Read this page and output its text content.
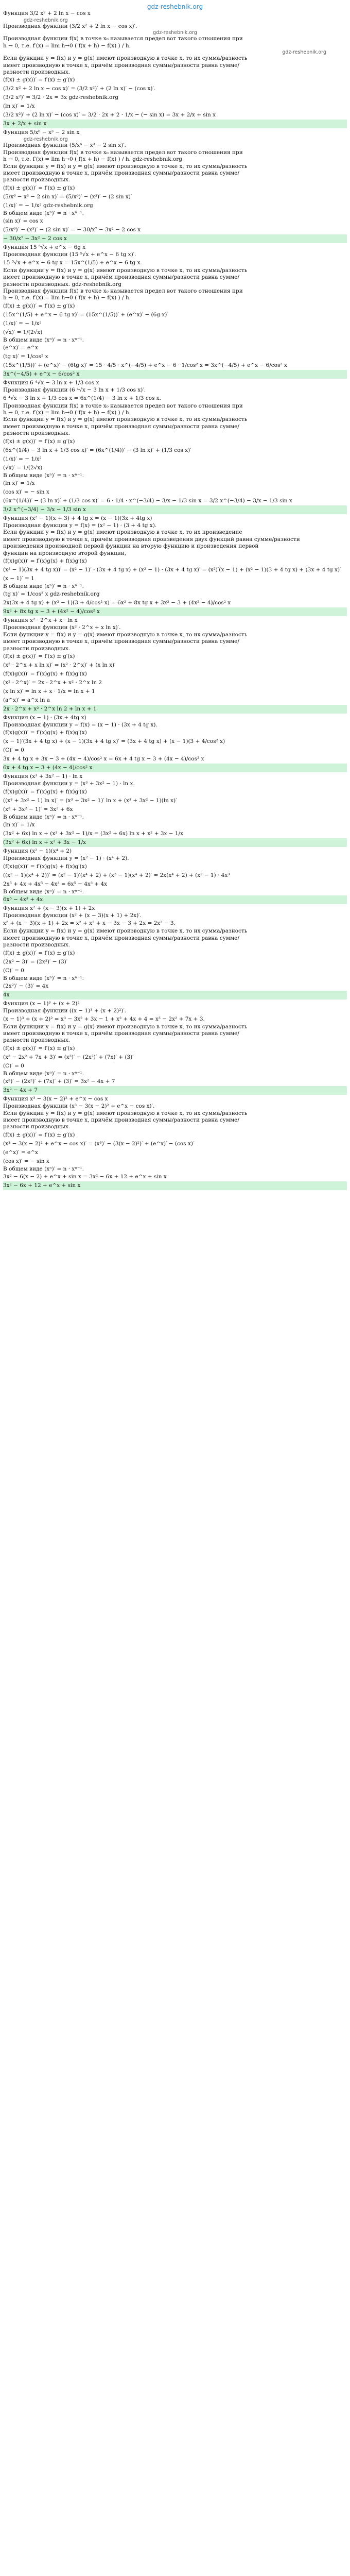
gdz-reshebnik.org
Функция 3/2 x² + 2 ln x − cos x
gdz-reshebnik.org
Производная функции (3/2 x² + 2 ln x − cos x)′.
gdz-reshebnik.org
Производная функции f(x) в точке x₀ называется предел вот такого отношения при
h → 0, т.е. f′(x) = lim h→0 ( f(x + h) − f(x) ) / h.
gdz-reshebnik.org
Если функции y = f(x) и y = g(x) имеют производную в точке x, то их сумма/разность
имеет производную в точке x, причём производная суммы/разности равна сумме/
разности производных.
(f(x) ± g(x))′ = f′(x) ± g′(x)
(3/2 x² + 2 ln x − cos x)′ = (3/2 x²)′ + (2 ln x)′ − (cos x)′.
(3/2 x²)′ = 3/2 · 2x = 3x gdz-reshebnik.org
(ln x)′ = 1/x
(3/2 x²)′ + (2 ln x)′ − (cos x)′ = 3/2 · 2x + 2 · 1/x − (− sin x) = 3x + 2/x + sin x
3x + 2/x + sin x
Функция 5/x⁶ − x³ − 2 sin x
gdz-reshebnik.org
Производная функции (5/x⁶ − x³ − 2 sin x)′.
Производная функции f(x) в точке x₀ называется предел вот такого отношения при
h → 0, т.е. f′(x) = lim h→0 ( f(x + h) − f(x) ) / h. gdz-reshebnik.org
Если функции y = f(x) и y = g(x) имеют производную в точке x, то их сумма/разность
имеет производную в точке x, причём производная суммы/разности равна сумме/
разности производных.
(f(x) ± g(x))′ = f′(x) ± g′(x)
(5/x⁶ − x³ − 2 sin x)′ = (5/x⁶)′ − (x³)′ − (2 sin x)′
(1/x)′ = − 1/x² gdz-reshebnik.org
В общем виде (xⁿ)′ = n · xⁿ⁻¹.
(sin x)′ = cos x
(5/x⁶)′ − (x³)′ − (2 sin x)′ = − 30/x⁷ − 3x² − 2 cos x
− 30/x⁷ − 3x² − 2 cos x
Функция 15 ⁵√x + e^x − 6g x
Производная функции (15 ⁵√x + e^x − 6 tg x)′.
15 ⁵√x + e^x − 6 tg x = 15x^(1/5) + e^x − 6 tg x.
Если функции y = f(x) и y = g(x) имеют производную в точке x, то их сумма/разность
имеет производную в точке x, причём производная суммы/разности равна сумме/
разности производных. gdz-reshebnik.org
Производная функции f(x) в точке x₀ называется предел вот такого отношения при
h → 0, т.е. f′(x) = lim h→0 ( f(x + h) − f(x) ) / h.
(f(x) ± g(x))′ = f′(x) ± g′(x)
(15x^(1/5) + e^x − 6 tg x)′ = (15x^(1/5))′ + (e^x)′ − (6g x)′
(1/x)′ = − 1/x²
(√x)′ = 1/(2√x)
В общем виде (xⁿ)′ = n · xⁿ⁻¹.
(e^x)′ = e^x
(tg x)′ = 1/cos² x
(15x^(1/5))′ + (e^x)′ − (6tg x)′ = 15 · 4/5 · x^(−4/5) + e^x − 6 · 1/cos² x = 3x^(−4/5) + e^x − 6/cos² x
3x^(−4/5) + e^x − 6/cos² x
Функция 6 ⁴√x − 3 ln x + 1/3 cos x
Производная функции (6 ⁴√x − 3 ln x + 1/3 cos x)′.
6 ⁴√x − 3 ln x + 1/3 cos x = 6x^(1/4) − 3 ln x + 1/3 cos x.
Производная функции f(x) в точке x₀ называется предел вот такого отношения при
h → 0, т.е. f′(x) = lim h→0 ( f(x + h) − f(x) ) / h.
Если функции y = f(x) и y = g(x) имеют производную в точке x, то их сумма/разность
имеет производную в точке x, причём производная суммы/разности равна сумме/
разности производных.
(f(x) ± g(x))′ = f′(x) ± g′(x)
(6x^(1/4) − 3 ln x + 1/3 cos x)′ = (6x^(1/4))′ − (3 ln x)′ + (1/3 cos x)′
(1/x)′ = − 1/x²
(√x)′ = 1/(2√x)
В общем виде (xⁿ)′ = n · xⁿ⁻¹.
(ln x)′ = 1/x
(cos x)′ = − sin x
(6x^(1/4))′ − (3 ln x)′ + (1/3 cos x)′ = 6 · 1/4 · x^(−3/4) − 3/x − 1/3 sin x = 3/2 x^(−3/4) − 3/x − 1/3 sin x
3/2 x^(−3/4) − 3/x − 1/3 sin x
Функция (x² − 1)(x + 3) + 4 tg x = (x − 1)(3x + 4tg x)
Производная функции y = f(x) = (x² − 1) · (3 + 4 tg x).
Если функции y = f(x) и y = g(x) имеют производную в точке x, то их произведение
имеет производную в точке x, причём производная произведения двух функций равна сумме/разности
произведения производной первой функции на вторую функцию и произведения первой
функции на производную второй функции,
(f(x)g(x))′ = f′(x)g(x) + f(x)g′(x)
(x² − 1)(3x + 4 tg x))′ = (x² − 1)′ · (3x + 4 tg x) + (x² − 1) · (3x + 4 tg x)′ = (x²)′(x − 1) + (x² − 1)(3 + 4 tg x) + (3x + 4 tg x)′
(x − 1)′ = 1
В общем виде (xⁿ)′ = n · xⁿ⁻¹.
(tg x)′ = 1/cos² x gdz-reshebnik.org
2x(3x + 4 tg x) + (x² − 1)(3 + 4/cos² x) = 6x² + 8x tg x + 3x² − 3 + (4x² − 4)/cos² x
9x² + 8x tg x − 3 + (4x² − 4)/cos² x
Функция x² · 2^x + x · ln x
Производная функции (x² · 2^x + x ln x)′.
Если функции y = f(x) и y = g(x) имеют производную в точке x, то их сумма/разность
имеет производную в точке x, причём производная суммы/разности равна сумме/
разности производных.
(f(x) ± g(x))′ = f′(x) ± g′(x)
(x² · 2^x + x ln x)′ = (x² · 2^x)′ + (x ln x)′
(f(x)g(x))′ = f′(x)g(x) + f(x)g′(x)
(x² · 2^x)′ = 2x · 2^x + x² · 2^x ln 2
(x ln x)′ = ln x + x · 1/x = ln x + 1
(a^x)′ = a^x ln a
2x · 2^x + x² · 2^x ln 2 + ln x + 1
Функция (x − 1) · (3x + 4tg x)
Производная функции y = f(x) = (x − 1) · (3x + 4 tg x).
(f(x)g(x))′ = f′(x)g(x) + f(x)g′(x)
(x − 1)′(3x + 4 tg x) + (x − 1)(3x + 4 tg x)′ = (3x + 4 tg x) + (x − 1)(3 + 4/cos² x)
(C)′ = 0
3x + 4 tg x + 3x − 3 + (4x − 4)/cos² x = 6x + 4 tg x − 3 + (4x − 4)/cos² x
6x + 4 tg x − 3 + (4x − 4)/cos² x
Функция (x³ + 3x² − 1) · ln x
Производная функции y = (x³ + 3x² − 1) · ln x.
(f(x)g(x))′ = f′(x)g(x) + f(x)g′(x)
((x³ + 3x² − 1) ln x)′ = (x³ + 3x² − 1)′ ln x + (x³ + 3x² − 1)(ln x)′
(x³ + 3x² − 1)′ = 3x² + 6x
В общем виде (xⁿ)′ = n · xⁿ⁻¹.
(ln x)′ = 1/x
(3x² + 6x) ln x + (x³ + 3x² − 1)/x = (3x² + 6x) ln x + x² + 3x − 1/x
(3x² + 6x) ln x + x² + 3x − 1/x
Функция (x² − 1)(x⁴ + 2)
Производная функции y = (x² − 1) · (x⁴ + 2).
(f(x)g(x))′ = f′(x)g(x) + f(x)g′(x)
((x² − 1)(x⁴ + 2))′ = (x² − 1)′(x⁴ + 2) + (x² − 1)(x⁴ + 2)′ = 2x(x⁴ + 2) + (x² − 1) · 4x³
2x⁵ + 4x + 4x⁵ − 4x³ = 6x⁵ − 4x³ + 4x
В общем виде (xⁿ)′ = n · xⁿ⁻¹.
6x⁵ − 4x³ + 4x
Функция x² + (x − 3)(x + 1) + 2x
Производная функции (x² + (x − 3)(x + 1) + 2x)′.
x² + (x − 3)(x + 1) + 2x = x² + x² + x − 3x − 3 + 2x = 2x² − 3.
Если функции y = f(x) и y = g(x) имеют производную в точке x, то их сумма/разность
имеет производную в точке x, причём производная суммы/разности равна сумме/
разности производных.
(f(x) ± g(x))′ = f′(x) ± g′(x)
(2x² − 3)′ = (2x²)′ − (3)′
(C)′ = 0
В общем виде (xⁿ)′ = n · xⁿ⁻¹.
(2x²)′ − (3)′ = 4x
4x
Функция (x − 1)³ + (x + 2)²
Производная функции ((x − 1)³ + (x + 2)²)′.
(x − 1)³ + (x + 2)² = x³ − 3x² + 3x − 1 + x² + 4x + 4 = x³ − 2x² + 7x + 3.
Если функции y = f(x) и y = g(x) имеют производную в точке x, то их сумма/разность
имеет производную в точке x, причём производная суммы/разности равна сумме/
разности производных.
(f(x) ± g(x))′ = f′(x) ± g′(x)
(x³ − 2x² + 7x + 3)′ = (x³)′ − (2x²)′ + (7x)′ + (3)′
(C)′ = 0
В общем виде (xⁿ)′ = n · xⁿ⁻¹.
(x³)′ − (2x²)′ + (7x)′ + (3)′ = 3x² − 4x + 7
3x² − 4x + 7
Функция x³ − 3(x − 2)² + e^x − cos x
Производная функции (x³ − 3(x − 2)² + e^x − cos x)′.
Если функции y = f(x) и y = g(x) имеют производную в точке x, то их сумма/разность
имеет производную в точке x, причём производная суммы/разности равна сумме/
разности производных.
(f(x) ± g(x))′ = f′(x) ± g′(x)
(x³ − 3(x − 2)² + e^x − cos x)′ = (x³)′ − (3(x − 2)²)′ + (e^x)′ − (cos x)′
(e^x)′ = e^x
(cos x)′ = − sin x
В общем виде (xⁿ)′ = n · xⁿ⁻¹.
3x² − 6(x − 2) + e^x + sin x = 3x² − 6x + 12 + e^x + sin x
3x² − 6x + 12 + e^x + sin x
